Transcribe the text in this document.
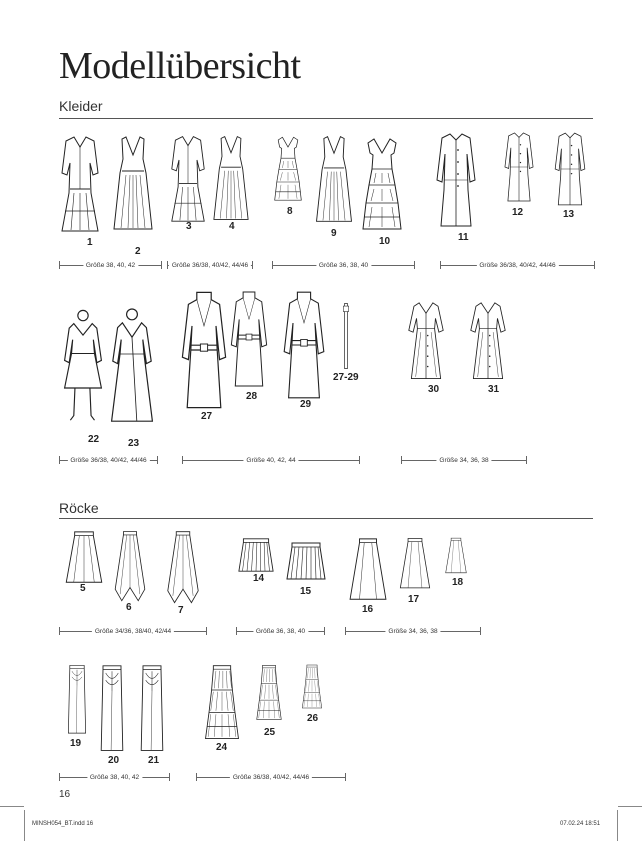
Modellübersicht
Kleider
1
2
3	4
8
9
10	11
12	13
Größe 38, 40, 42	Größe 36/38, 40/42, 44/46	Größe 36, 38, 40	Größe 36/38, 40/42, 44/46
22	23
27
28
29
27-29
30	31
Größe 36/38, 40/42, 44/46	Größe 40, 42, 44	Größe 34, 36, 38
Röcke
5
6	7
14
15
16
17
18
Größe 34/36, 38/40, 42/44	Größe 36, 38, 40	Größe 34, 36, 38
19
20	21
24
25
26
Größe 38, 40, 42	Größe 36/38, 40/42, 44/46
16
MINSH054_BT.indd 16	07.02.24 18:51
